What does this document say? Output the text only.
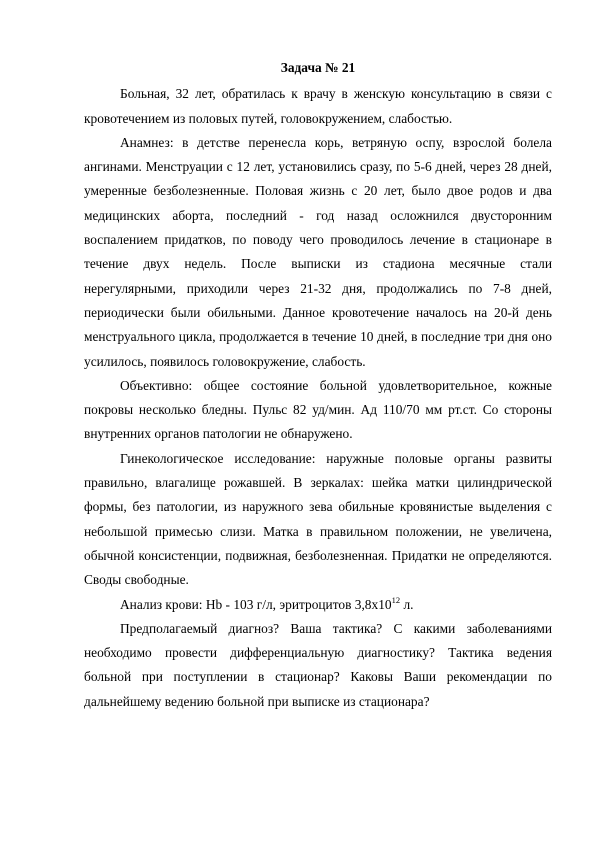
Задача № 21

Больная, 32 лет, обратилась к врачу в женскую консультацию в связи с кровотечением из половых путей, головокружением, слабостью.

Анамнез: в детстве перенесла корь, ветряную оспу, взрослой болела ангинами. Менструации с 12 лет, установились сразу, по 5-6 дней, через 28 дней, умеренные безболезненные. Половая жизнь с 20 лет, было двое родов и два медицинских аборта, последний - год назад осложнился двусторонним воспалением придатков, по поводу чего проводилось лечение в стационаре в течение двух недель. После выписки из стадиона месячные стали нерегулярными, приходили через 21-32 дня, продолжались по 7-8 дней, периодически были обильными. Данное кровотечение началось на 20-й день менструального цикла, продолжается в течение 10 дней, в последние три дня оно усилилось, появилось головокружение, слабость.

Объективно: общее состояние больной удовлетворительное, кожные покровы несколько бледны. Пульс 82 уд/мин. Ад 110/70 мм рт.ст. Со стороны внутренних органов патологии не обнаружено.

Гинекологическое исследование: наружные половые органы развиты правильно, влагалище рожавшей. В зеркалах: шейка матки цилиндрической формы, без патологии, из наружного зева обильные кровянистые выделения с небольшой примесью слизи. Матка в правильном положении, не увеличена, обычной консистенции, подвижная, безболезненная. Придатки не определяются. Своды свободные.

Анализ крови: Hb - 103 г/л, эритроцитов $3,8х10^{12}$ л.

Предполагаемый диагноз? Ваша тактика? С какими заболеваниями необходимо провести дифференциальную диагностику? Тактика ведения больной при поступлении в стационар? Каковы Ваши рекомендации по дальнейшему ведению больной при выписке из стационара?
